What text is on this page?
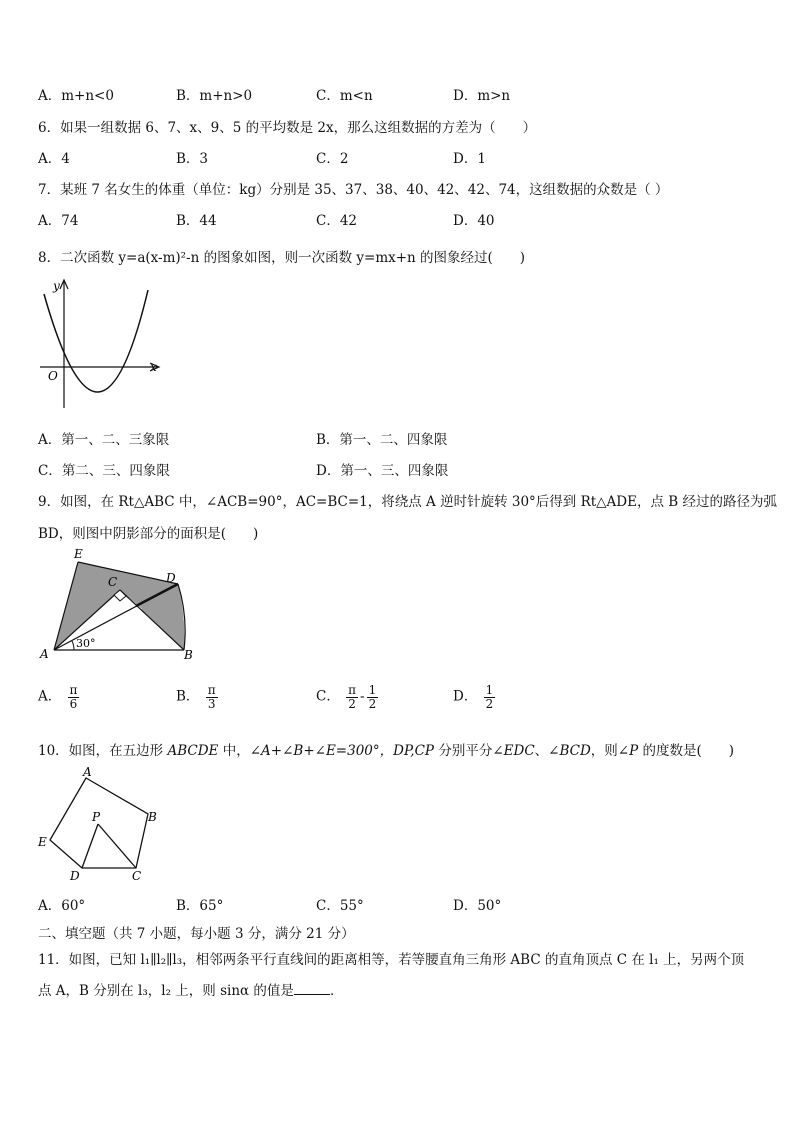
A．m+n<0	B．m+n>0	C．m<n	D．m>n
6．如果一组数据 6、7、x、9、5 的平均数是 2x，那么这组数据的方差为（　　）
A．4	B．3	C．2	D．1
7．某班 7 名女生的体重（单位：kg）分别是 35、37、38、40、42、42、74，这组数据的众数是（ ）
A．74	B．44	C．42	D．40
8．二次函数 y=a(x-m)²-n 的图象如图，则一次函数 y=mx+n 的图象经过(　　)
y
x
O
A．第一、二、三象限	B．第一、二、四象限
C．第二、三、四象限	D．第一、三、四象限
9．如图，在 Rt△ABC 中，∠ACB=90°，AC=BC=1，将绕点 A 逆时针旋转 30°后得到 Rt△ADE，点 B 经过的路径为弧
BD，则图中阴影部分的面积是(　　)
30°
E
C	D
A	B
A． $\frac{\pi}{6}$	B． $\frac{\pi}{3}$	C． $\frac{\pi}{2} - \frac{1}{2}$	D． $\frac{1}{2}$
10．如图，在五边形 ABCDE 中，∠A+∠B+∠E=300°，DP,CP 分别平分∠EDC、∠BCD，则∠P 的度数是(　　)
A
P	B
E
D	C
A．60°	B．65°	C．55°	D．50°
二、填空题（共 7 小题，每小题 3 分，满分 21 分）
11．如图，已知 l₁∥l₂∥l₃，相邻两条平行直线间的距离相等，若等腰直角三角形 ABC 的直角顶点 C 在 l₁ 上，另两个顶
点 A，B 分别在 l₃，l₂ 上，则 sinα 的值是	．
